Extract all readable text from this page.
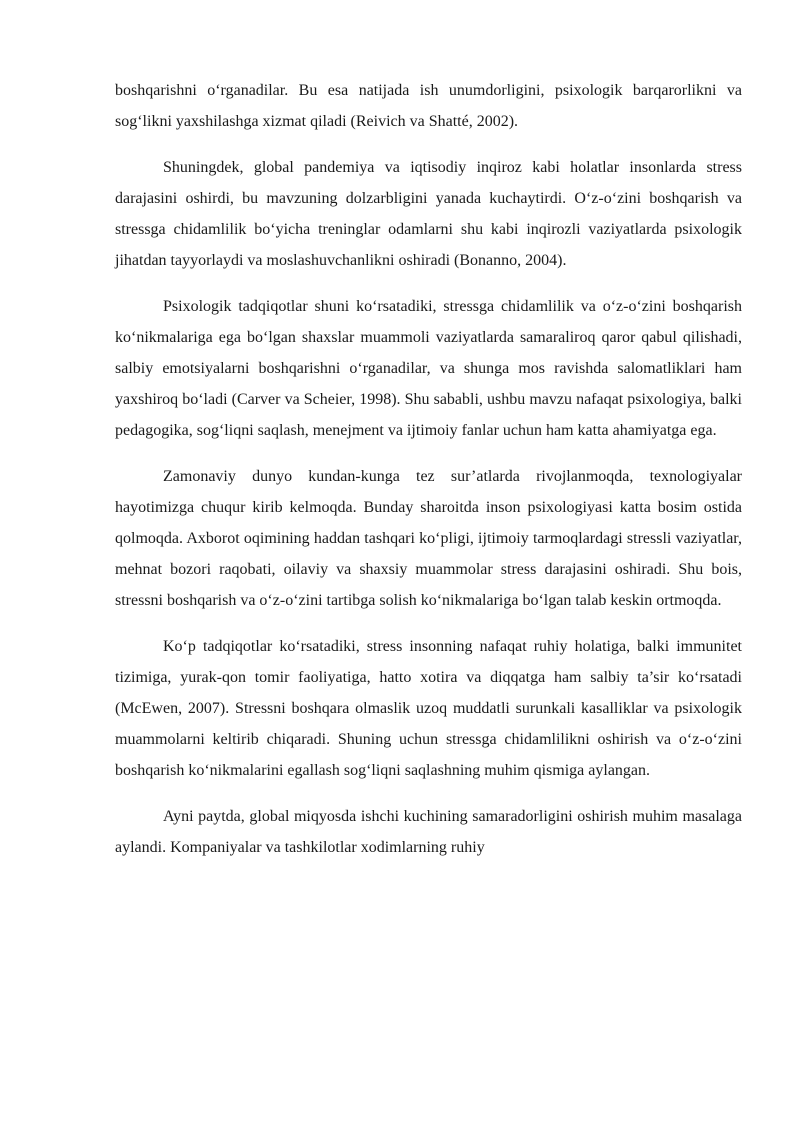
boshqarishni o‘rganadilar. Bu esa natijada ish unumdorligini, psixologik barqarorlikni va sog‘likni yaxshilashga xizmat qiladi (Reivich va Shatté, 2002).

Shuningdek, global pandemiya va iqtisodiy inqiroz kabi holatlar insonlarda stress darajasini oshirdi, bu mavzuning dolzarbligini yanada kuchaytirdi. O‘z-o‘zini boshqarish va stressga chidamlilik bo‘yicha treninglar odamlarni shu kabi inqirozli vaziyatlarda psixologik jihatdan tayyorlaydi va moslashuvchanlikni oshiradi (Bonanno, 2004).

Psixologik tadqiqotlar shuni ko‘rsatadiki, stressga chidamlilik va o‘z-o‘zini boshqarish ko‘nikmalariga ega bo‘lgan shaxslar muammoli vaziyatlarda samaraliroq qaror qabul qilishadi, salbiy emotsiyalarni boshqarishni o‘rganadilar, va shunga mos ravishda salomatliklari ham yaxshiroq bo‘ladi (Carver va Scheier, 1998). Shu sababli, ushbu mavzu nafaqat psixologiya, balki pedagogika, sog‘liqni saqlash, menejment va ijtimoiy fanlar uchun ham katta ahamiyatga ega.

Zamonaviy dunyo kundan-kunga tez sur’atlarda rivojlanmoqda, texnologiyalar hayotimizga chuqur kirib kelmoqda. Bunday sharoitda inson psixologiyasi katta bosim ostida qolmoqda. Axborot oqimining haddan tashqari ko‘pligi, ijtimoiy tarmoqlardagi stressli vaziyatlar, mehnat bozori raqobati, oilaviy va shaxsiy muammolar stress darajasini oshiradi. Shu bois, stressni boshqarish va o‘z-o‘zini tartibga solish ko‘nikmalariga bo‘lgan talab keskin ortmoqda.

Ko‘p tadqiqotlar ko‘rsatadiki, stress insonning nafaqat ruhiy holatiga, balki immunitet tizimiga, yurak-qon tomir faoliyatiga, hatto xotira va diqqatga ham salbiy ta’sir ko‘rsatadi (McEwen, 2007). Stressni boshqara olmaslik uzoq muddatli surunkali kasalliklar va psixologik muammolarni keltirib chiqaradi. Shuning uchun stressga chidamlilikni oshirish va o‘z-o‘zini boshqarish ko‘nikmalarini egallash sog‘liqni saqlashning muhim qismiga aylangan.

Ayni paytda, global miqyosda ishchi kuchining samaradorligini oshirish muhim masalaga aylandi. Kompaniyalar va tashkilotlar xodimlarning ruhiy
